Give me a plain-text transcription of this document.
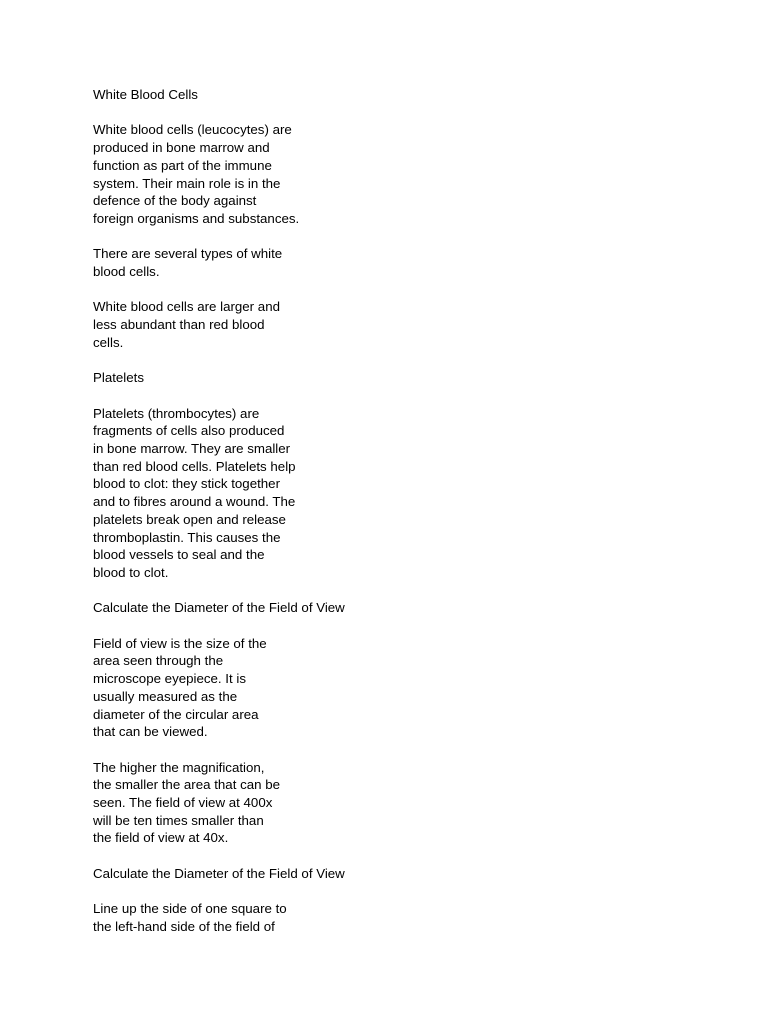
White Blood Cells
White blood cells (leucocytes) are
produced in bone marrow and
function as part of the immune
system. Their main role is in the
defence of the body against
foreign organisms and substances.
There are several types of white
blood cells.
White blood cells are larger and
less abundant than red blood
cells.
Platelets
Platelets (thrombocytes) are
fragments of cells also produced
in bone marrow. They are smaller
than red blood cells. Platelets help
blood to clot: they stick together
and to fibres around a wound. The
platelets break open and release
thromboplastin. This causes the
blood vessels to seal and the
blood to clot.
Calculate the Diameter of the Field of View
Field of view is the size of the
area seen through the
microscope eyepiece. It is
usually measured as the
diameter of the circular area
that can be viewed.
The higher the magnification,
the smaller the area that can be
seen. The field of view at 400x
will be ten times smaller than
the field of view at 40x.
Calculate the Diameter of the Field of View
Line up the side of one square to
the left-hand side of the field of
